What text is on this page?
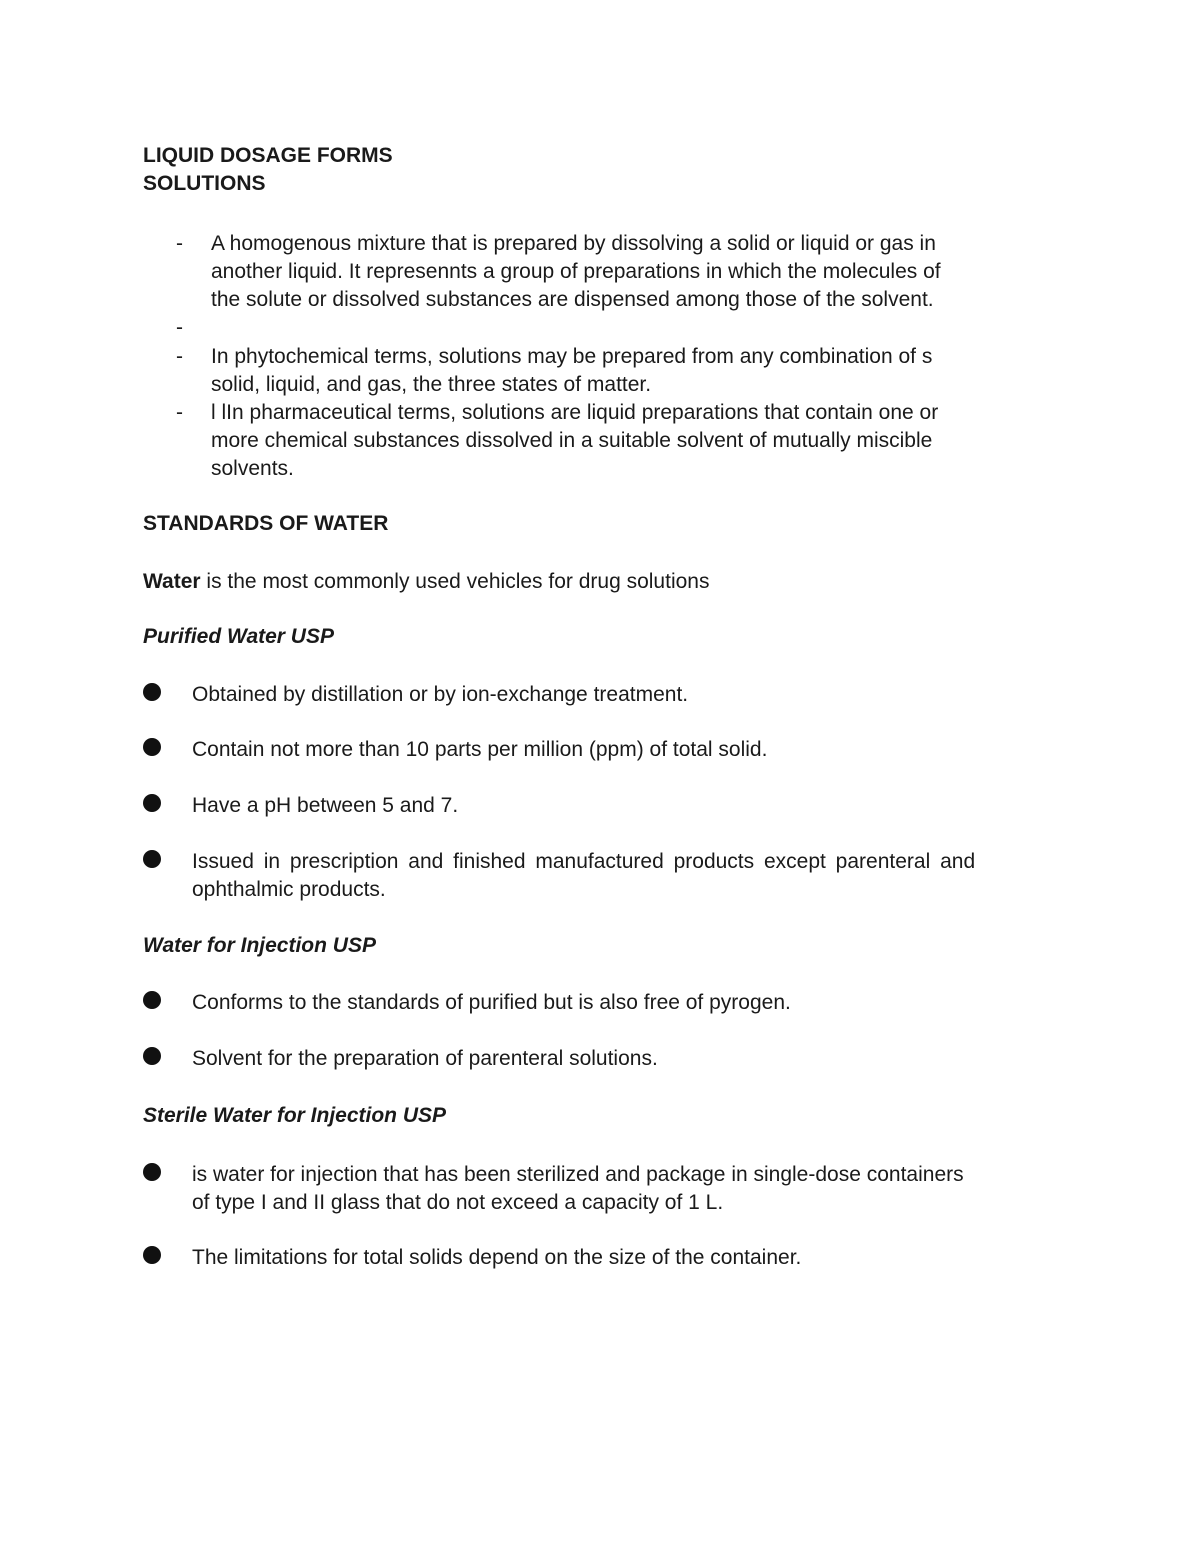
LIQUID DOSAGE FORMS
SOLUTIONS
- A homogenous mixture that is prepared by dissolving a solid or liquid or gas in
another liquid. It represennts a group of preparations in which the molecules of
the solute or dissolved substances are dispensed among those of the solvent.
-
- In phytochemical terms, solutions may be prepared from any combination of s
solid, liquid, and gas, the three states of matter.
- l lIn pharmaceutical terms, solutions are liquid preparations that contain one or
more chemical substances dissolved in a suitable solvent of mutually miscible
solvents.
STANDARDS OF WATER
Water is the most commonly used vehicles for drug solutions
Purified Water USP
Obtained by distillation or by ion-exchange treatment.
Contain not more than 10 parts per million (ppm) of total solid.
Have a pH between 5 and 7.
Issued in prescription and finished manufactured products except parenteral and
ophthalmic products.
Water for Injection USP
Conforms to the standards of purified but is also free of pyrogen.
Solvent for the preparation of parenteral solutions.
Sterile Water for Injection USP
is water for injection that has been sterilized and package in single-dose containers
of type I and II glass that do not exceed a capacity of 1 L.
The limitations for total solids depend on the size of the container.
